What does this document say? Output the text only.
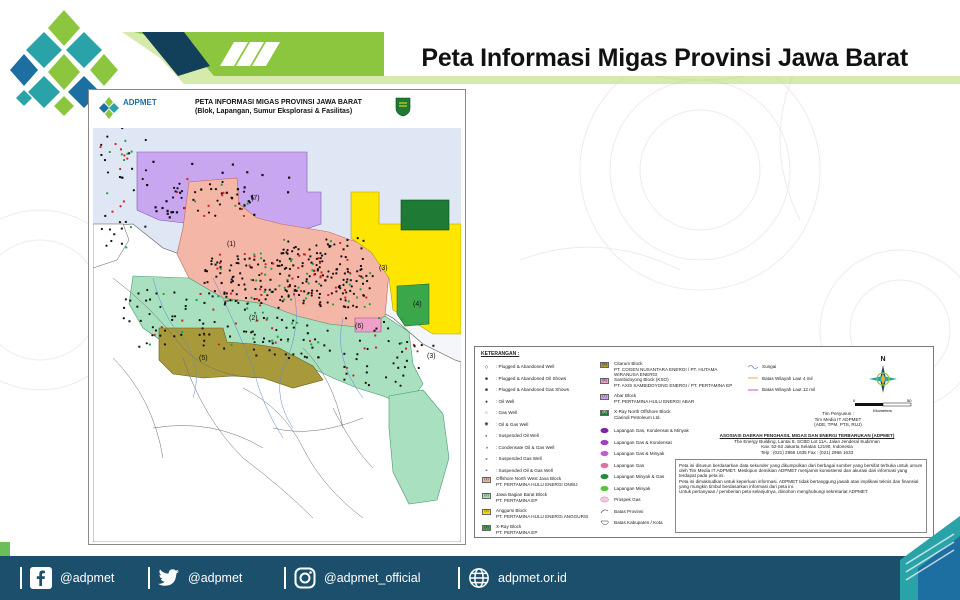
Peta Informasi Migas Provinsi Jawa Barat
ADPMET
	PETA INFORMASI MIGAS PROVINSI JAWA BARAT
(Blok, Lapangan, Sumur Eksplorasi & Fasilitas)
(7)
(1)
(2)
(3)
(4)
(5)
(6)
(3)	KETERANGAN :
◇	: Plugged & Abandoned Well
■	: Plugged & Abandoned Oil Shows
■	: Plugged & Abandoned Gas Shows
●	: Oil Well
○	: Gas Well
◉	: Oil & Gas Well
◐	: Suspended Oil Well
◑	: Condensate Oil & Gas Well
◒	: Suspended Gas Well
◓	: Suspended Oil & Gas Well
(1)	Offshore North West Java Block
PT. PERTAMINA HULU ENERGI ONWJ
(2)	Jawa Bagian Barat Block
PT. PERTAMINA EP
(3)	Anggursi Block
PT. PERTAMINA HULU ENERGI ANGGURSI
(4)	X-Ray Block
PT. PERTAMINA EP
(5)	Citarum Block
PT. COGEN NUSANTARA ENERGI / PT. HUTAMA WIRANUSA ENERGI
(6)	Sambidoyong Block (KSO)
PT. AXIS SAMBIDOYONG ENERGI / PT. PERTAMINA EP
(7)	Abar Block
PT. PERTAMINA HULU ENERGI ABAR
(8)	X-Ray North Offshore Block
Clarindi Petroleum Ltd.
Lapangan Gas, Kondensat & Minyak
Lapangan Gas & Kondensat
Lapangan Gas & Minyak
Lapangan Gas
Lapangan Minyak & Gas
Lapangan Minyak
Prospek Gas
Batas Provinsi
Batas Kabupaten / Kota
Sungai
Batas Wilayah Laut 4 mil
Batas Wilayah Laut 12 mil
N
0	50
Kilometers
Tim Penyusun :
Tim Media IT ADPMET
(ADE, TPM, PTS, RUJ)
ASOSIASI DAERAH PENGHASIL MIGAS DAN ENERGI TERBARUKAN (ADPMET)
The Energy Building, Lantai 8, SCBD Lot 11A, Jalan Jenderal Sudirman
Kav. 52-53 Jakarta Selatan 12190, Indonesia
Telp : (021) 2966 1635 Fax : (021) 2966 1633
Peta ini disusun berdasarkan data sekunder yang dikumpulkan dari berbagai sumber yang bersifat terbuka untuk umum oleh Tim Media IT ADPMET. Meskipun demikian ADPMET menjamin konsistensi dan akurasi dari informasi yang terdapat pada peta ini.
Peta ini dimaksudkan untuk keperluan informasi. ADPMET tidak bertanggung jawab atas implikasi teknis dan finansial yang mungkin timbul berdasarkan informasi dari peta ini.
Untuk pertanyaan / pemberian peta selanjutnya, dimohon menghubungi sekretariat ADPMET.
@adpmet	@adpmet	@adpmet_official	adpmet.or.id
